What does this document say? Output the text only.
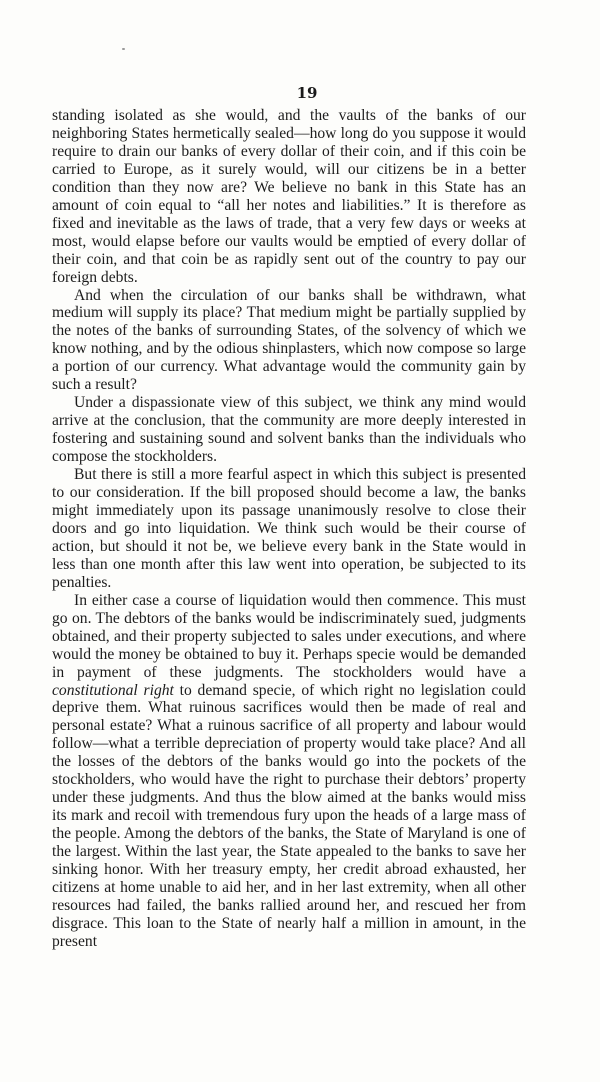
19

standing isolated as she would, and the vaults of the banks of our neighboring States hermetically sealed—how long do you suppose it would require to drain our banks of every dollar of their coin, and if this coin be carried to Europe, as it surely would, will our citizens be in a better condition than they now are? We believe no bank in this State has an amount of coin equal to “all her notes and liabilities.” It is therefore as fixed and inevitable as the laws of trade, that a very few days or weeks at most, would elapse before our vaults would be emptied of every dollar of their coin, and that coin be as rapidly sent out of the country to pay our foreign debts.

And when the circulation of our banks shall be withdrawn, what medium will supply its place? That medium might be partially supplied by the notes of the banks of surrounding States, of the solvency of which we know nothing, and by the odious shinplasters, which now compose so large a portion of our currency. What advantage would the community gain by such a result?

Under a dispassionate view of this subject, we think any mind would arrive at the conclusion, that the community are more deeply interested in fostering and sustaining sound and solvent banks than the individuals who compose the stockholders.

But there is still a more fearful aspect in which this subject is presented to our consideration. If the bill proposed should become a law, the banks might immediately upon its passage unanimously resolve to close their doors and go into liquidation. We think such would be their course of action, but should it not be, we believe every bank in the State would in less than one month after this law went into operation, be subjected to its penalties.

In either case a course of liquidation would then commence. This must go on. The debtors of the banks would be indiscriminately sued, judgments obtained, and their property subjected to sales under executions, and where would the money be obtained to buy it. Perhaps specie would be demanded in payment of these judgments. The stockholders would have a constitutional right to demand specie, of which right no legislation could deprive them. What ruinous sacrifices would then be made of real and personal estate? What a ruinous sacrifice of all property and labour would follow—what a terrible depreciation of property would take place? And all the losses of the debtors of the banks would go into the pockets of the stockholders, who would have the right to purchase their debtors’ property under these judgments. And thus the blow aimed at the banks would miss its mark and recoil with tremendous fury upon the heads of a large mass of the people. Among the debtors of the banks, the State of Maryland is one of the largest. Within the last year, the State appealed to the banks to save her sinking honor. With her treasury empty, her credit abroad exhausted, her citizens at home unable to aid her, and in her last extremity, when all other resources had failed, the banks rallied around her, and rescued her from disgrace. This loan to the State of nearly half a million in amount, in the present
